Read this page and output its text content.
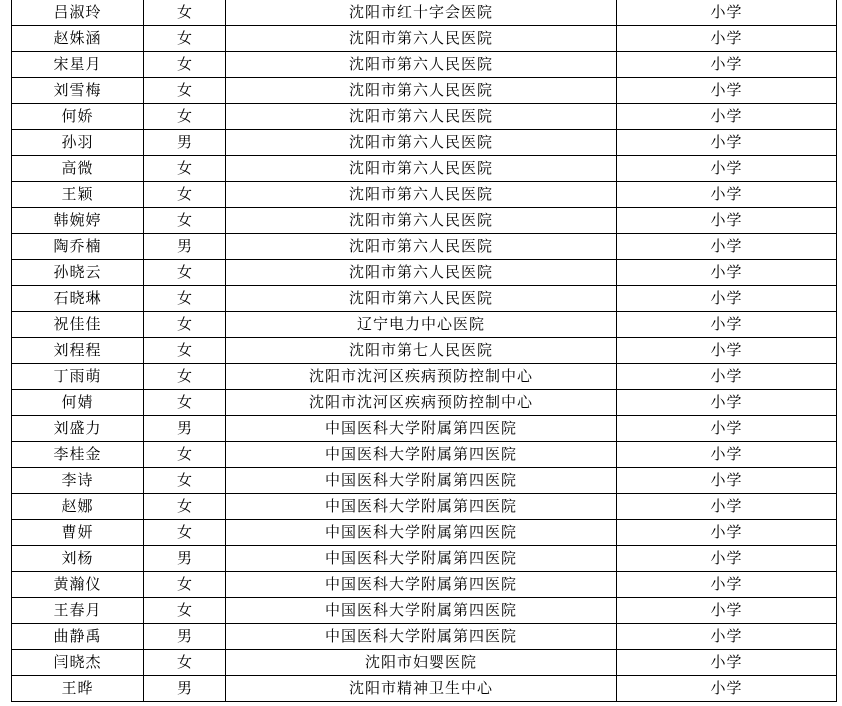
吕淑玲	女	沈阳市红十字会医院	小学
赵姝涵	女	沈阳市第六人民医院	小学
宋星月	女	沈阳市第六人民医院	小学
刘雪梅	女	沈阳市第六人民医院	小学
何娇	女	沈阳市第六人民医院	小学
孙羽	男	沈阳市第六人民医院	小学
高微	女	沈阳市第六人民医院	小学
王颖	女	沈阳市第六人民医院	小学
韩婉婷	女	沈阳市第六人民医院	小学
陶乔楠	男	沈阳市第六人民医院	小学
孙晓云	女	沈阳市第六人民医院	小学
石晓琳	女	沈阳市第六人民医院	小学
祝佳佳	女	辽宁电力中心医院	小学
刘程程	女	沈阳市第七人民医院	小学
丁雨萌	女	沈阳市沈河区疾病预防控制中心	小学
何婧	女	沈阳市沈河区疾病预防控制中心	小学
刘盛力	男	中国医科大学附属第四医院	小学
李桂金	女	中国医科大学附属第四医院	小学
李诗	女	中国医科大学附属第四医院	小学
赵娜	女	中国医科大学附属第四医院	小学
曹妍	女	中国医科大学附属第四医院	小学
刘杨	男	中国医科大学附属第四医院	小学
黄瀚仪	女	中国医科大学附属第四医院	小学
王春月	女	中国医科大学附属第四医院	小学
曲静禹	男	中国医科大学附属第四医院	小学
闫晓杰	女	沈阳市妇婴医院	小学
王晔	男	沈阳市精神卫生中心	小学
